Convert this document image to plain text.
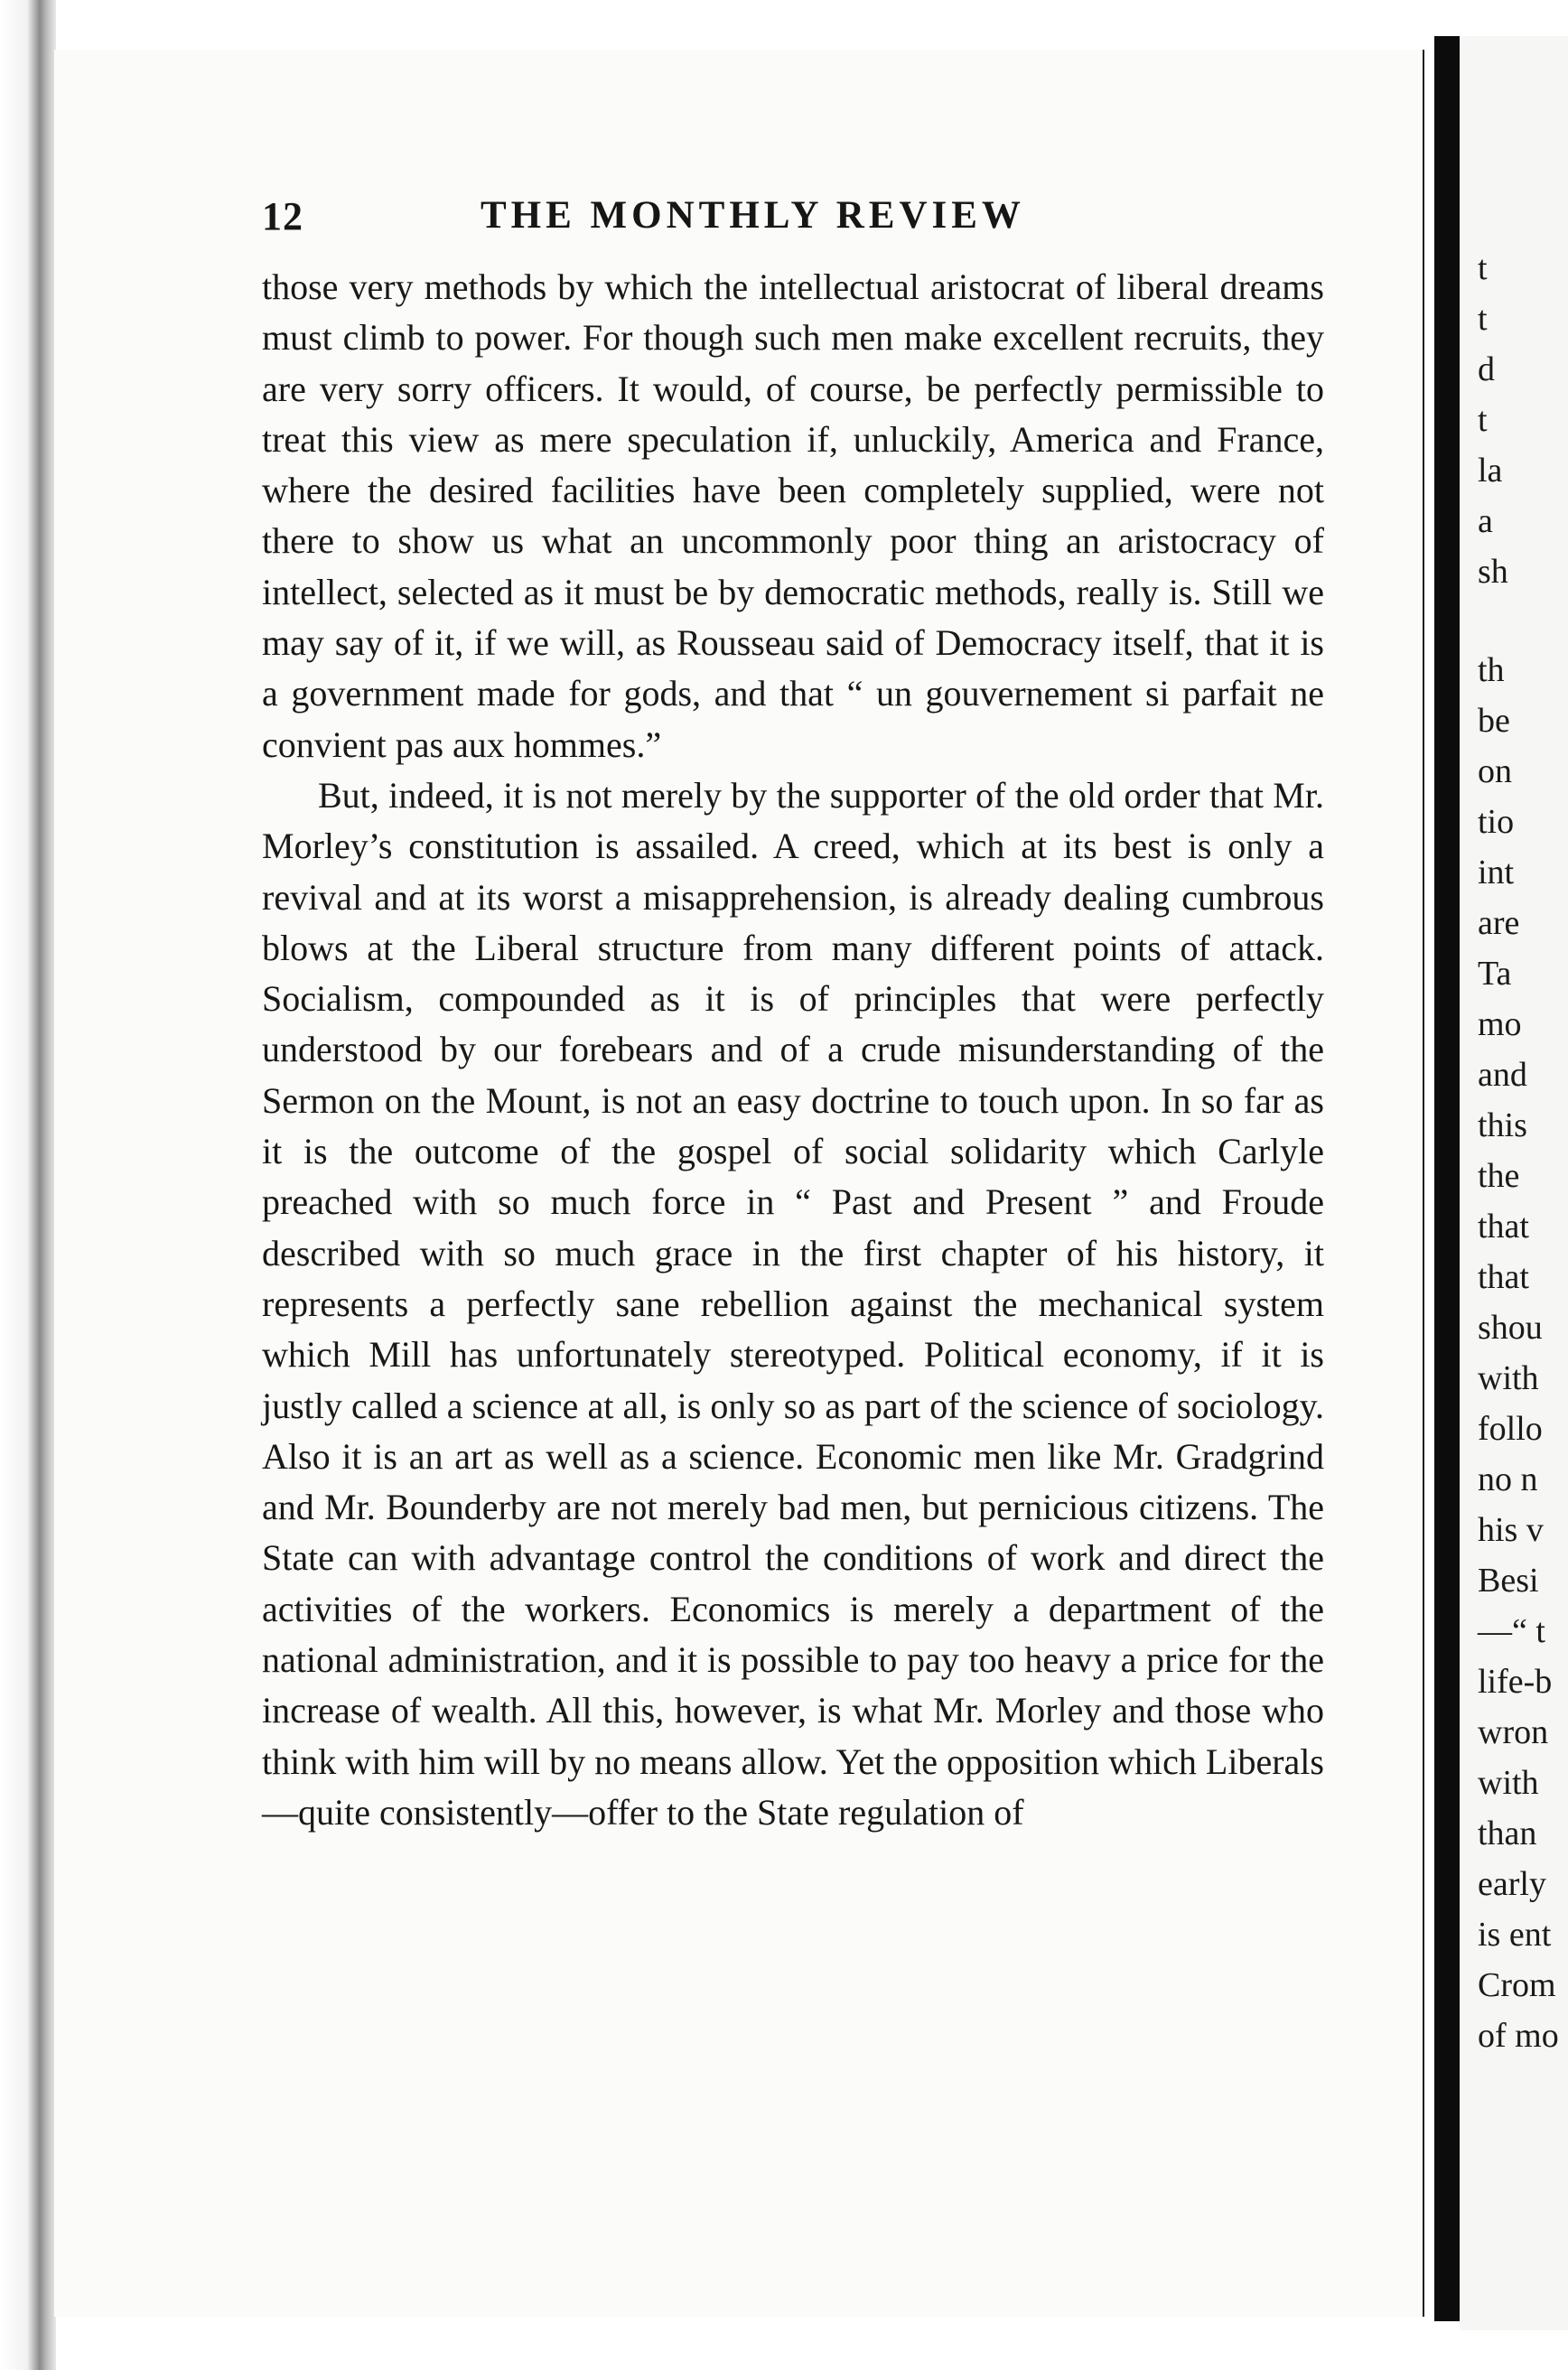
12	THE MONTHLY REVIEW

those very methods by which the intellectual aristocrat of liberal dreams must climb to power. For though such men make excellent recruits, they are very sorry officers. It would, of course, be perfectly permissible to treat this view as mere speculation if, unluckily, America and France, where the desired facilities have been completely supplied, were not there to show us what an uncommonly poor thing an aristocracy of intellect, selected as it must be by democratic methods, really is. Still we may say of it, if we will, as Rousseau said of Democracy itself, that it is a government made for gods, and that “ un gouvernement si parfait ne convient pas aux hommes.”

But, indeed, it is not merely by the supporter of the old order that Mr. Morley’s constitution is assailed. A creed, which at its best is only a revival and at its worst a misapprehension, is already dealing cumbrous blows at the Liberal structure from many different points of attack. Socialism, compounded as it is of principles that were perfectly understood by our forebears and of a crude misunderstanding of the Sermon on the Mount, is not an easy doctrine to touch upon. In so far as it is the outcome of the gospel of social solidarity which Carlyle preached with so much force in “ Past and Present ” and Froude described with so much grace in the first chapter of his history, it represents a perfectly sane rebellion against the mechanical system which Mill has unfortunately stereotyped. Political economy, if it is justly called a science at all, is only so as part of the science of sociology. Also it is an art as well as a science. Economic men like Mr. Gradgrind and Mr. Bounderby are not merely bad men, but pernicious citizens. The State can with advantage control the conditions of work and direct the activities of the workers. Economics is merely a department of the national administration, and it is possible to pay too heavy a price for the increase of wealth. All this, however, is what Mr. Morley and those who think with him will by no means allow. Yet the opposition which Liberals—quite consistently—offer to the State regulation of

t
t
d
t
la
a
sh
th
be
on
tio
int
are
Ta
mo
and
this
the
that
that
shou
with
follo
no n
his v
Besi
—“ t
life-b
wron
with
than
early
is ent
Crom
of mo
